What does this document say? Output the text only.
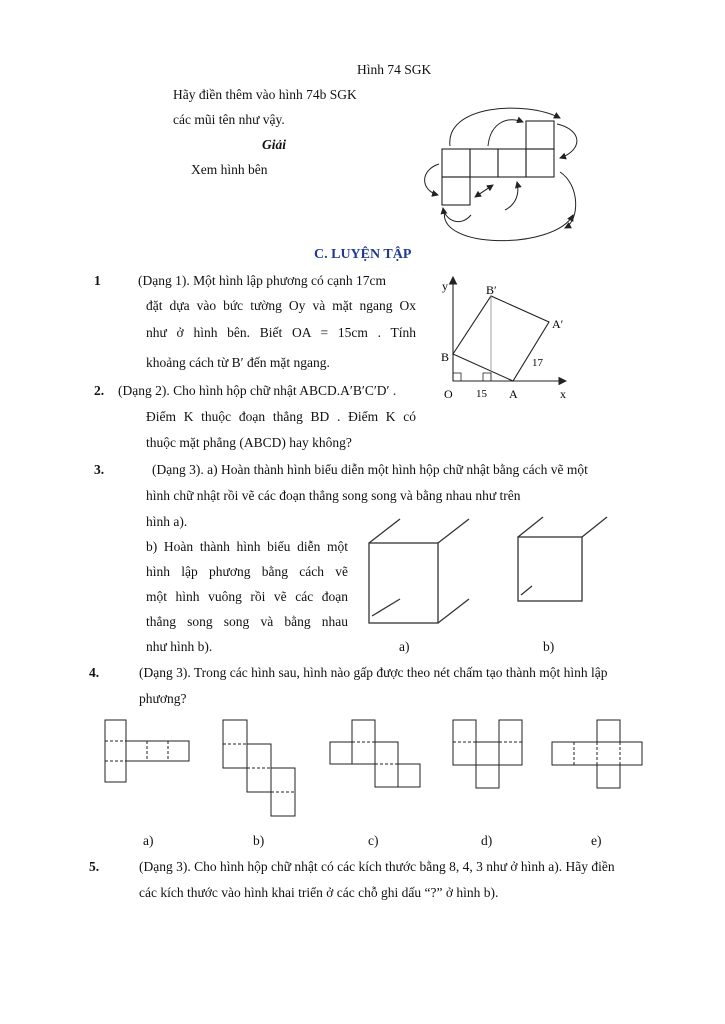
Hình 74 SGK
Hãy điền thêm vào hình 74b SGK
các mũi tên như vậy.
Giải
Xem hình bên
C. LUYỆN TẬP
1	(Dạng 1). Một hình lập phương có cạnh 17cm
đặt dựa vào bức tường Oy và mặt ngang Ox
như ở hình bên. Biết OA = 15cm . Tính
khoảng cách từ B′ đến mặt ngang.
y
x
O	A
B
B′
A′
15
17
2. (Dạng 2). Cho hình hộp chữ nhật ABCD.A′B′C′D′ .
Điểm K thuộc đoạn thẳng BD . Điểm K có
thuộc mặt phẳng (ABCD) hay không?
3.	(Dạng 3). a) Hoàn thành hình biểu diễn một hình hộp chữ nhật bằng cách vẽ một
hình chữ nhật rồi vẽ các đoạn thẳng song song và bằng nhau như trên
hình a).
b) Hoàn thành hình biểu diễn một
hình lập phương bằng cách vẽ
một hình vuông rồi vẽ các đoạn
thẳng song song và bằng nhau
như hình b).	a)	b)
4.	(Dạng 3). Trong các hình sau, hình nào gấp được theo nét chấm tạo thành một hình lập
phương?
a)	b)	c)	d)	e)
5.	(Dạng 3). Cho hình hộp chữ nhật có các kích thước bằng 8, 4, 3 như ở hình a). Hãy điền
các kích thước vào hình khai triển ở các chỗ ghi dấu “?” ở hình b).
